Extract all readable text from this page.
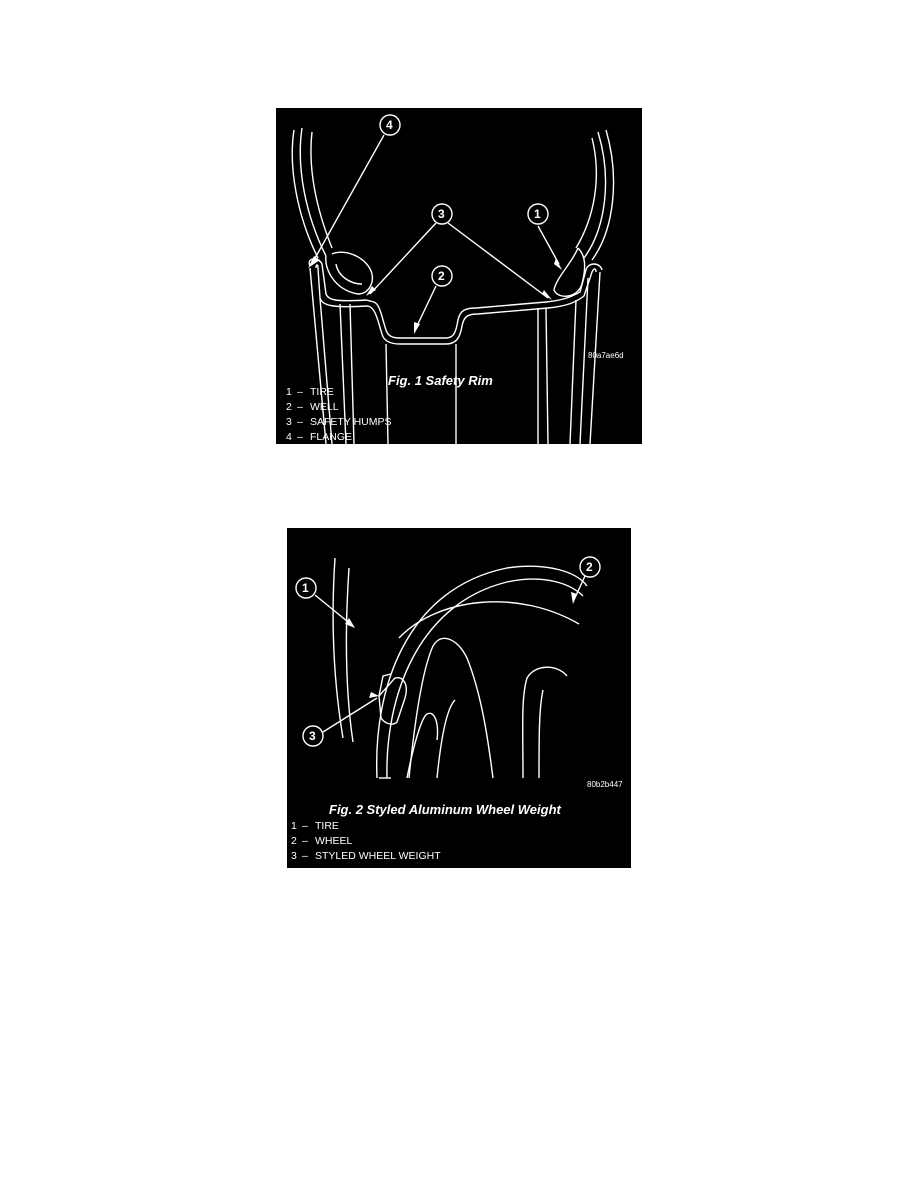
4
3	1
2
80a7ae6d
Fig. 1 Safety Rim
1 – TIRE
2 – WELL
3 – SAFETY HUMPS
4 – FLANGE
1
2
3
80b2b447
Fig. 2 Styled Aluminum Wheel Weight
1 – TIRE
2 – WHEEL
3 – STYLED WHEEL WEIGHT
